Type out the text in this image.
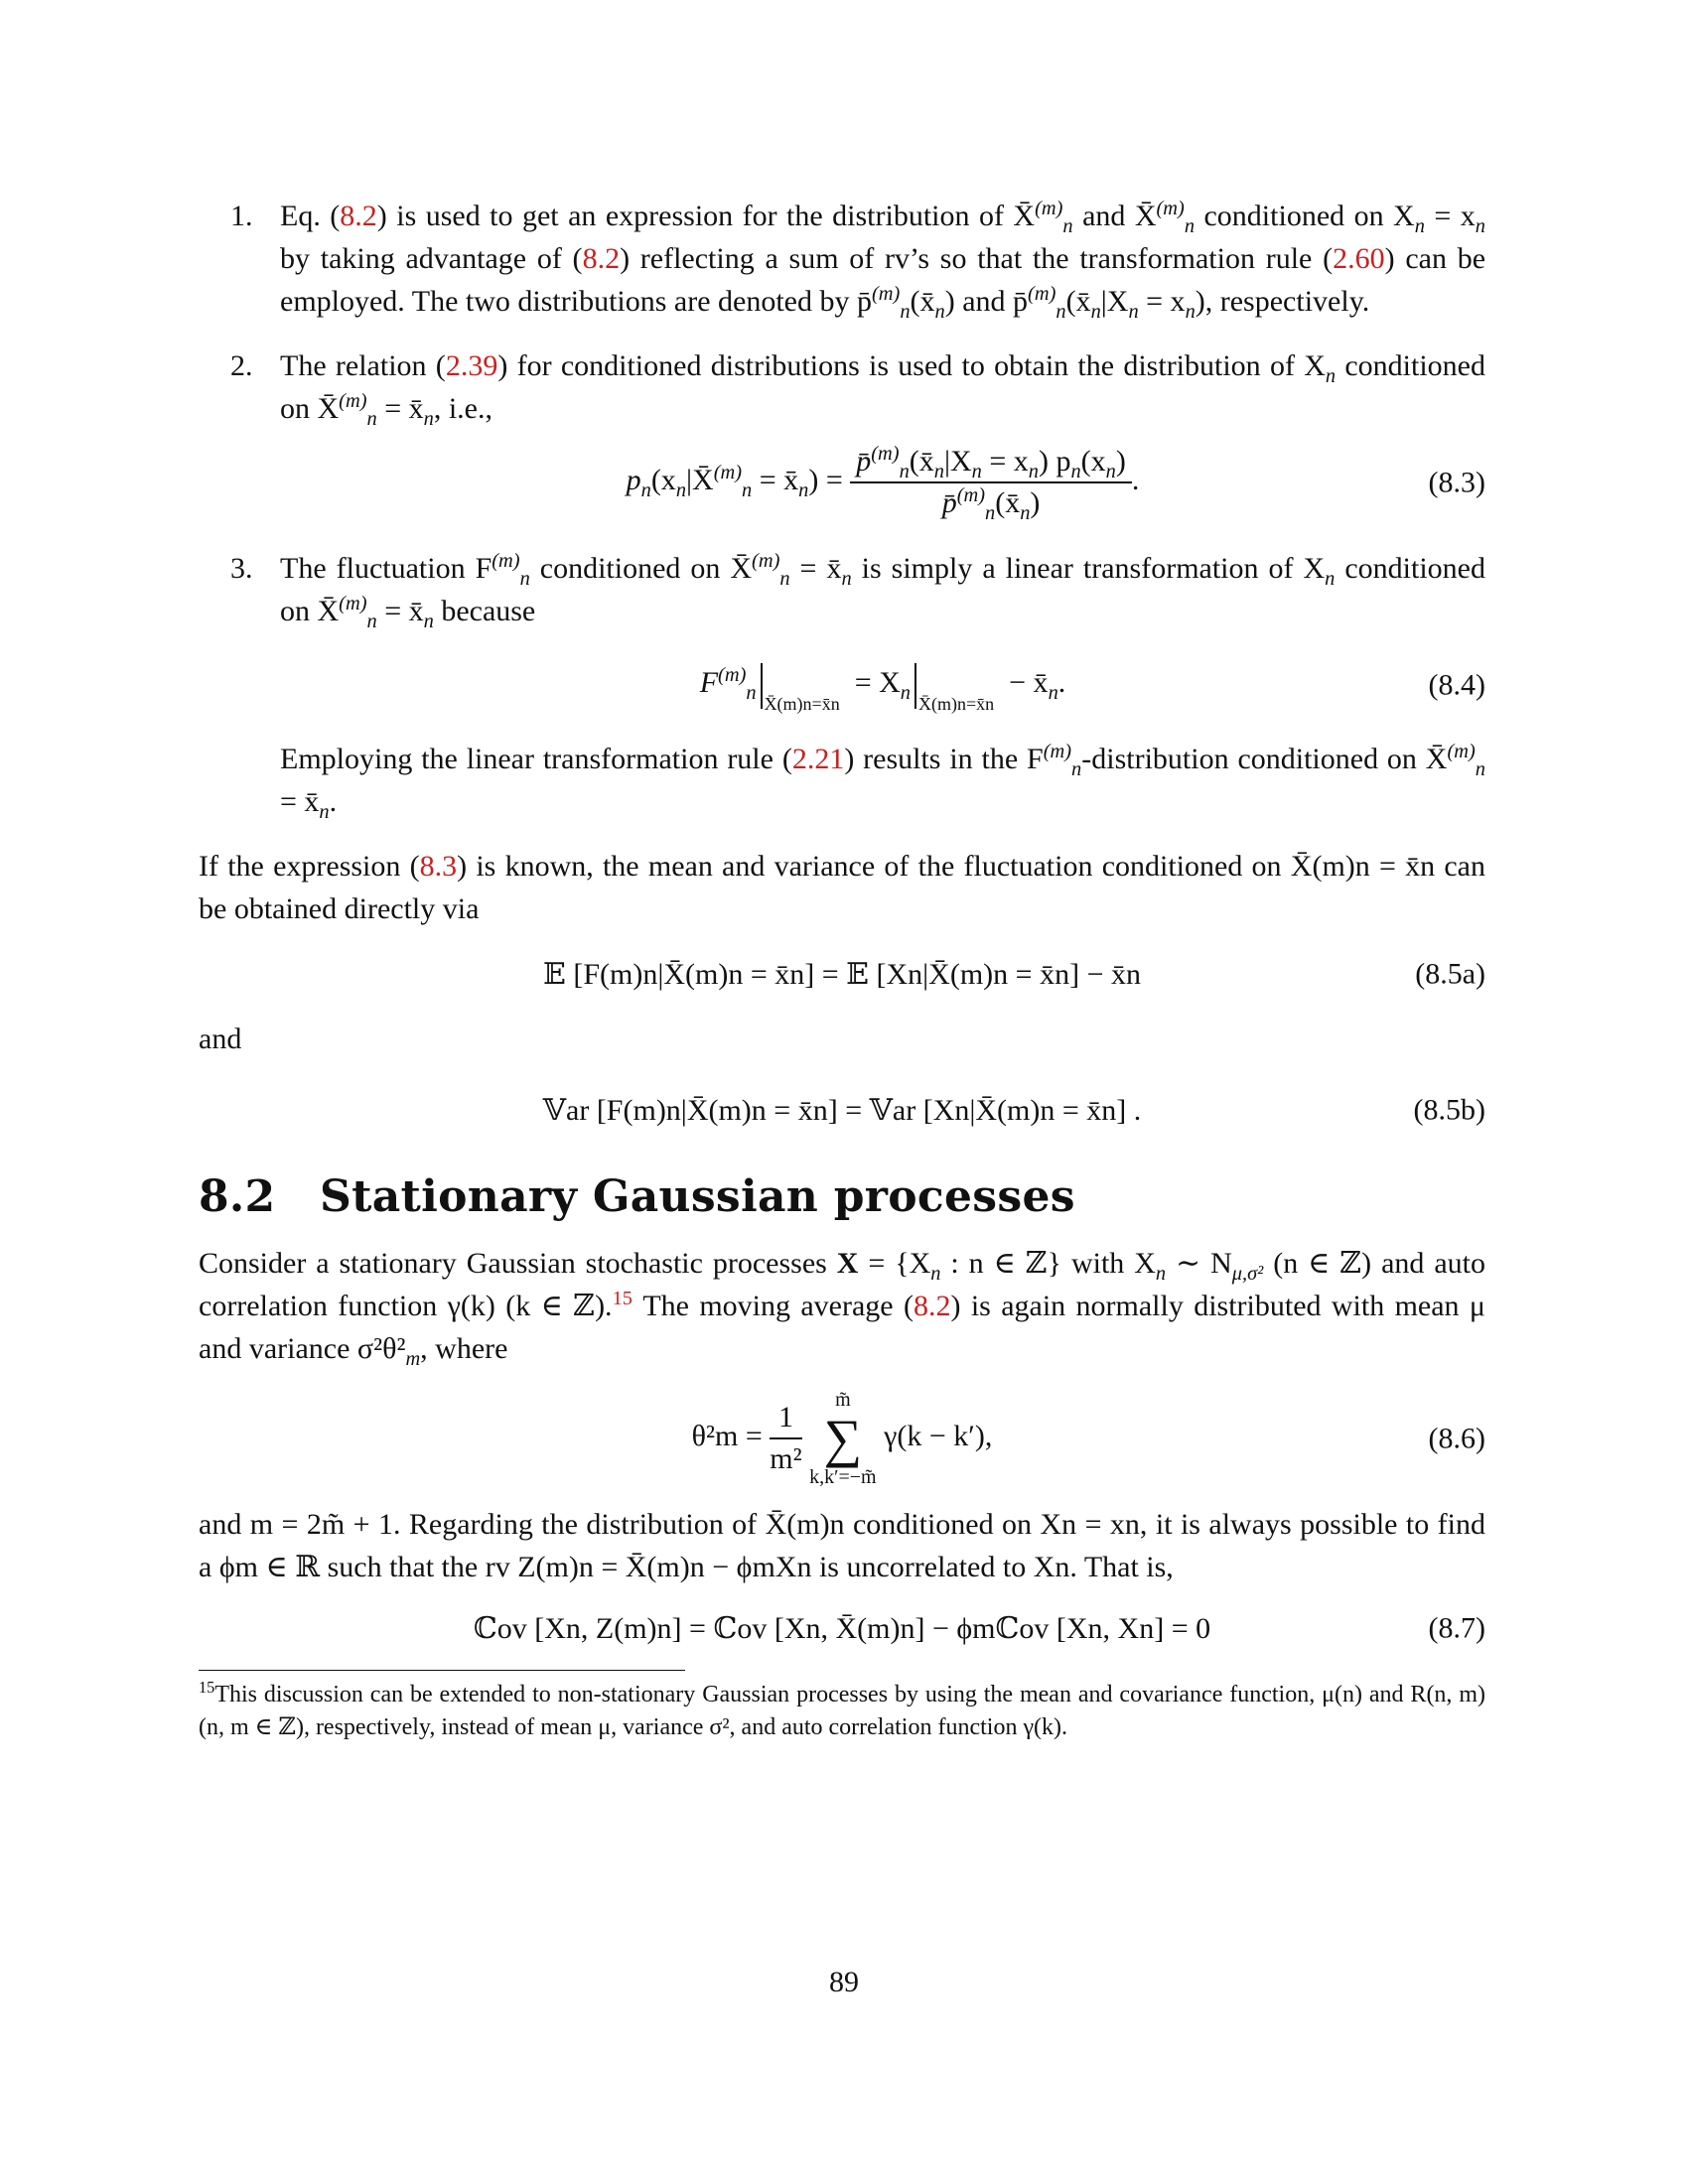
1. Eq. (8.2) is used to get an expression for the distribution of X̄$^{(m)}_n$ and X̄$^{(m)}_n$ conditioned on $X_n = x_n$ by taking advantage of (8.2) reflecting a sum of rv’s so that the transformation rule (2.60) can be employed. The two distributions are denoted by $p̄^{(m)}_n(x̄_n)$ and $p̄^{(m)}_n(x̄_n|X_n = x_n)$, respectively.
2. The relation (2.39) for conditioned distributions is used to obtain the distribution of $X_n$ conditioned on X̄$^{(m)}_n$ = $x̄_n$, i.e.,
$p_n(x_n|X̄^{(m)}_n$ = $x̄_n) = \frac{p̄^{(m)}_n(x̄_n|X_n = x_n) p_n(x_n)}{p̄^{(m)}_n(x̄_n)}$ .	(8.3)
3. The fluctuation $F^{(m)}_n$ conditioned on X̄$^{(m)}_n$ = $x̄_n$ is simply a linear transformation of $X_n$ conditioned on X̄$^{(m)}_n$ = $x̄_n$ because
$F^{(m)}_n$ $_{X̄(m)n=x̄n} = X_n$ $_{X̄(m)n=x̄n} - x̄_n$.	(8.4)
Employing the linear transformation rule (2.21) results in the $F^{(m)}_n$-distribution conditioned on X̄$^{(m)}_n$ = $x̄_n$.

If the expression (8.3) is known, the mean and variance of the fluctuation conditioned on X̄(m)n = x̄n can be obtained directly via

𝔼 [F(m)n|X̄(m)n = x̄n] = 𝔼 [Xn|X̄(m)n = x̄n] − x̄n	(8.5a)

and

𝕍ar [F(m)n|X̄(m)n = x̄n] = 𝕍ar [Xn|X̄(m)n = x̄n] .	(8.5b)
8.2 Stationary Gaussian processes

Consider a stationary Gaussian stochastic processes $X = \{X_n$ : n ∈ ℤ} with $X_n$ ∼ $N_{\mu,\sigma^2}$ (n ∈ ℤ) and auto correlation function γ(k) (k ∈ ℤ).$^{15}$ The moving average (8.2) is again normally distributed with mean μ and variance $\sigma^2\theta^2_m$, where

$\theta^2m = \frac{1}{\text{m²}}$
	m̃
∑
k,k′=−m̃
γ(k − k′),	(8.6)

and m = 2m̃ + 1. Regarding the distribution of X̄(m)n conditioned on Xn = xn, it is always possible to find a ϕm ∈ ℝ such that the rv Z(m)n = X̄(m)n − ϕmXn is uncorrelated to Xn. That is,

ℂov [Xn, Z(m)n] = ℂov [Xn, X̄(m)n] − ϕmℂov [Xn, Xn] = 0	(8.7)

$^{15}$This discussion can be extended to non-stationary Gaussian processes by using the mean and covariance function, μ(n) and R(n, m) (n, m ∈ ℤ), respectively, instead of mean μ, variance σ², and auto correlation function γ(k).

89
